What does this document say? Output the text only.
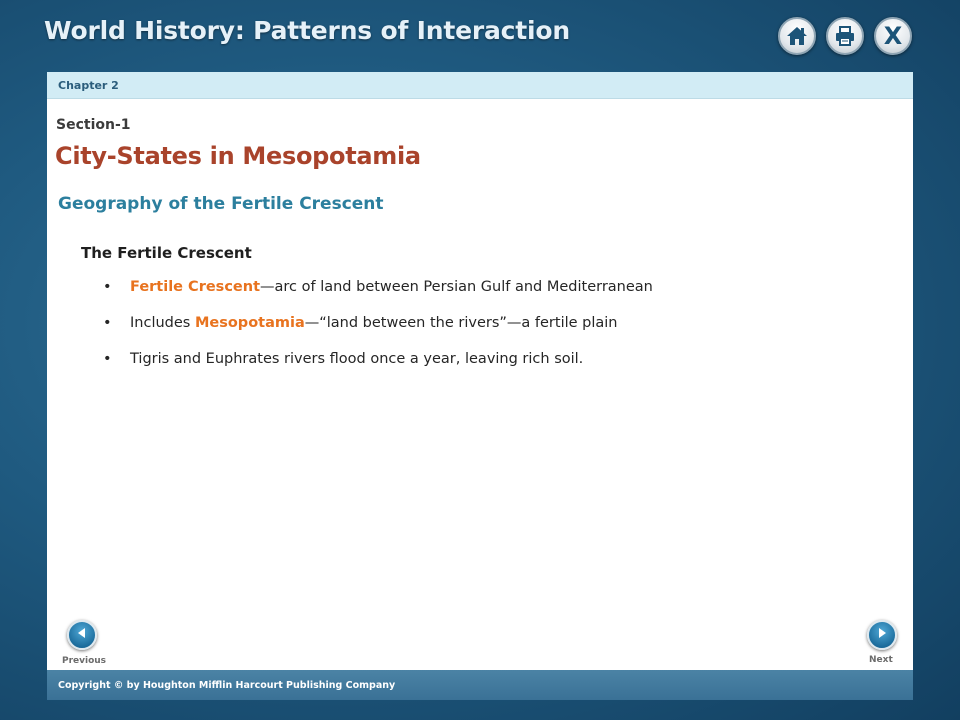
World History: Patterns of Interaction	X
Chapter 2
Section-1
City-States in Mesopotamia
Geography of the Fertile Crescent
The Fertile Crescent
• Fertile Crescent—arc of land between Persian Gulf and Mediterranean
• Includes Mesopotamia—“land between the rivers”—a fertile plain
• Tigris and Euphrates rivers flood once a year, leaving rich soil.
Previous	Next
Copyright © by Houghton Mifflin Harcourt Publishing Company
